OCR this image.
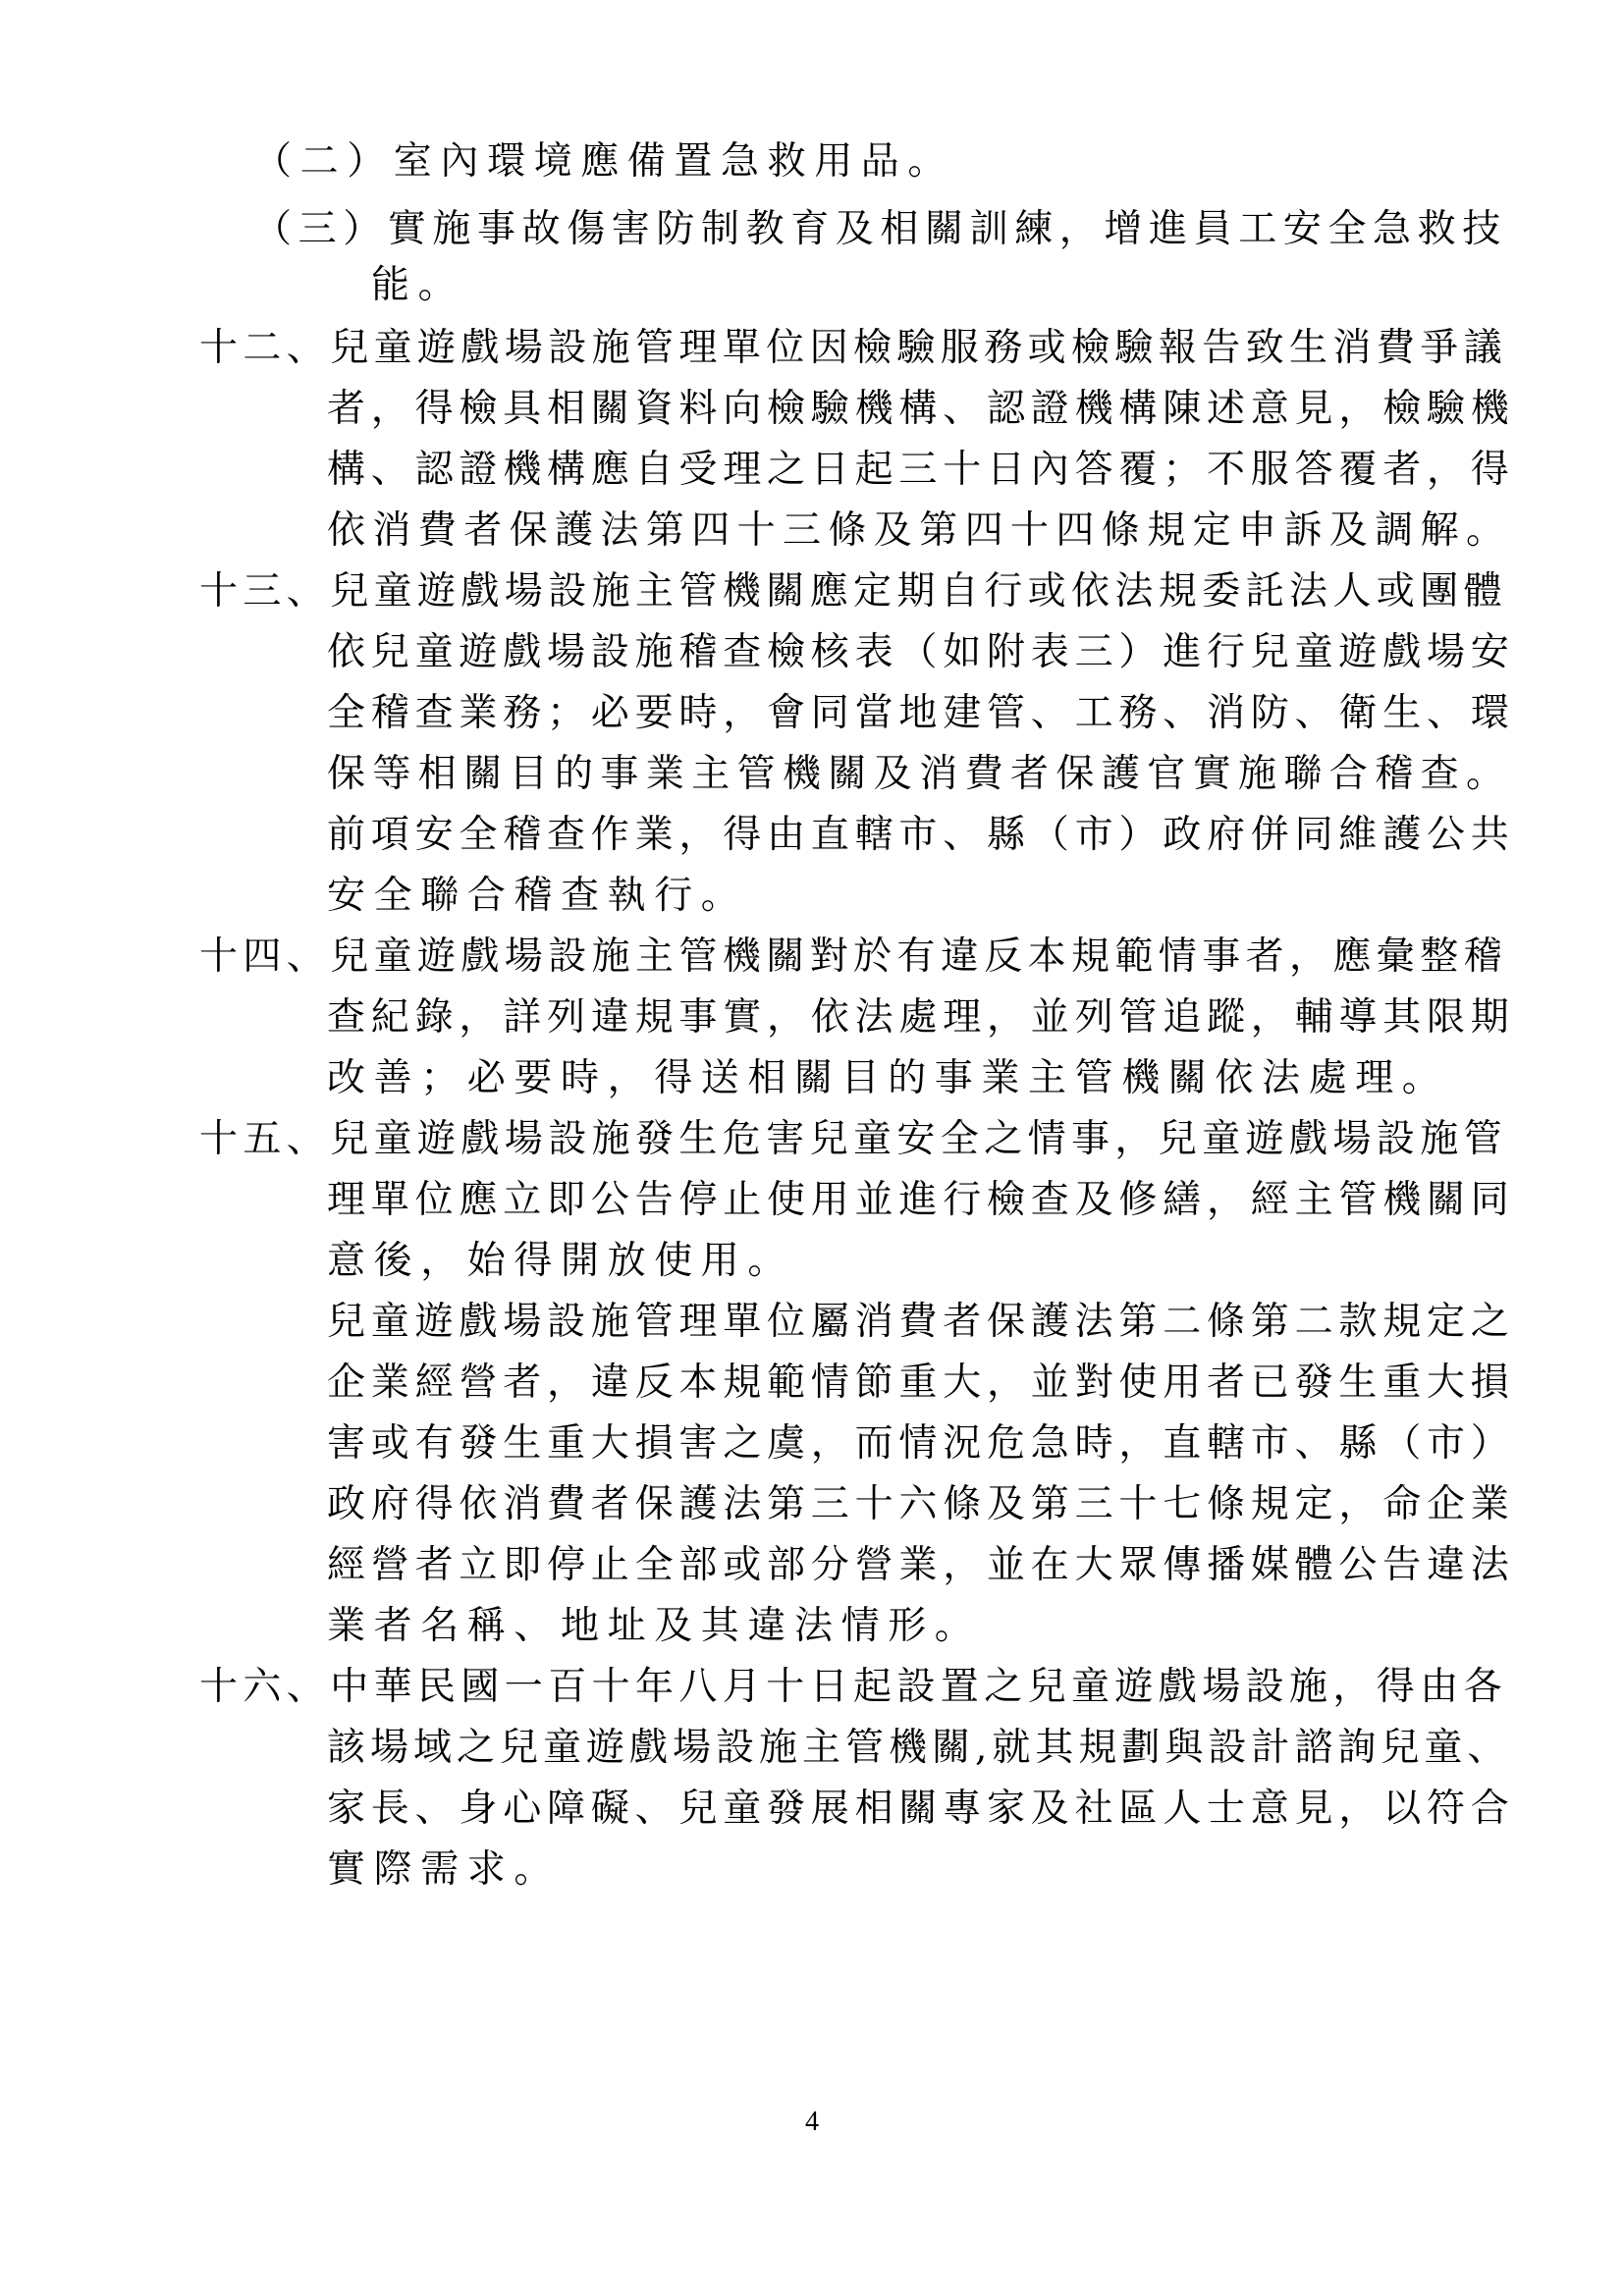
（二）室內環境應備置急救用品。
（三）實施事故傷害防制教育及相關訓練，增進員工安全急救技
能。
十二、兒童遊戲場設施管理單位因檢驗服務或檢驗報告致生消費爭議
者，得檢具相關資料向檢驗機構、認證機構陳述意見，檢驗機
構、認證機構應自受理之日起三十日內答覆；不服答覆者，得
依消費者保護法第四十三條及第四十四條規定申訴及調解。
十三、兒童遊戲場設施主管機關應定期自行或依法規委託法人或團體
依兒童遊戲場設施稽查檢核表（如附表三）進行兒童遊戲場安
全稽查業務；必要時，會同當地建管、工務、消防、衛生、環
保等相關目的事業主管機關及消費者保護官實施聯合稽查。
前項安全稽查作業，得由直轄市、縣（市）政府併同維護公共
安全聯合稽查執行。
十四、兒童遊戲場設施主管機關對於有違反本規範情事者，應彙整稽
查紀錄，詳列違規事實，依法處理，並列管追蹤，輔導其限期
改善；必要時，得送相關目的事業主管機關依法處理。
十五、兒童遊戲場設施發生危害兒童安全之情事，兒童遊戲場設施管
理單位應立即公告停止使用並進行檢查及修繕，經主管機關同
意後，始得開放使用。
兒童遊戲場設施管理單位屬消費者保護法第二條第二款規定之
企業經營者，違反本規範情節重大，並對使用者已發生重大損
害或有發生重大損害之虞，而情況危急時，直轄市、縣（市）
政府得依消費者保護法第三十六條及第三十七條規定，命企業
經營者立即停止全部或部分營業，並在大眾傳播媒體公告違法
業者名稱、地址及其違法情形。
十六、中華民國一百十年八月十日起設置之兒童遊戲場設施，得由各
該場域之兒童遊戲場設施主管機關,就其規劃與設計諮詢兒童、
家長、身心障礙、兒童發展相關專家及社區人士意見，以符合
實際需求。
4
